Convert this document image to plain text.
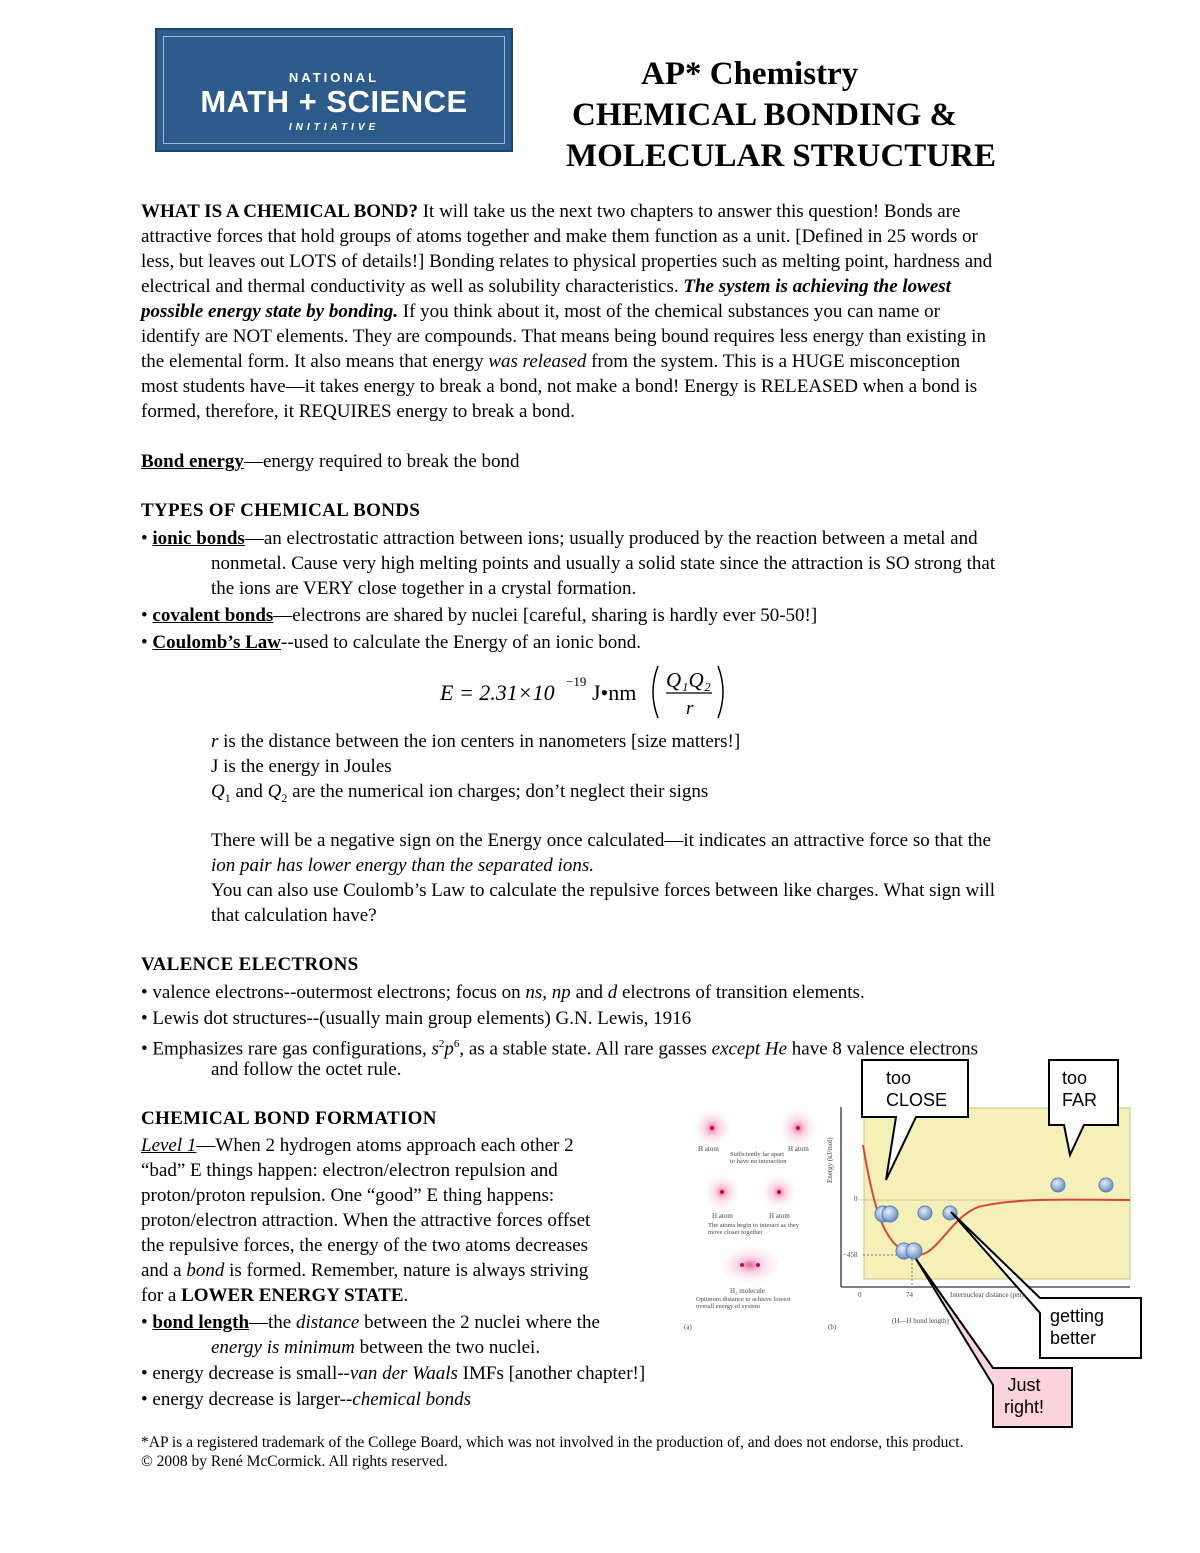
NATIONAL
MATH + SCIENCE
INITIATIVE
AP* Chemistry
CHEMICAL BONDING &
MOLECULAR STRUCTURE
WHAT IS A CHEMICAL BOND? It will take us the next two chapters to answer this question! Bonds are
attractive forces that hold groups of atoms together and make them function as a unit. [Defined in 25 words or
less, but leaves out LOTS of details!] Bonding relates to physical properties such as melting point, hardness and
electrical and thermal conductivity as well as solubility characteristics. The system is achieving the lowest
possible energy state by bonding. If you think about it, most of the chemical substances you can name or
identify are NOT elements. They are compounds. That means being bound requires less energy than existing in
the elemental form. It also means that energy was released from the system. This is a HUGE misconception
most students have—it takes energy to break a bond, not make a bond! Energy is RELEASED when a bond is
formed, therefore, it REQUIRES energy to break a bond.
Bond energy—energy required to break the bond
TYPES OF CHEMICAL BONDS
• ionic bonds—an electrostatic attraction between ions; usually produced by the reaction between a metal and
nonmetal. Cause very high melting points and usually a solid state since the attraction is SO strong that
the ions are VERY close together in a crystal formation.
• covalent bonds—electrons are shared by nuclei [careful, sharing is hardly ever 50-50!]
• Coulomb’s Law--used to calculate the Energy of an ionic bond.
E = 2.31×10 −19 J•nm Q₁Q₂
r
r is the distance between the ion centers in nanometers [size matters!]
J is the energy in Joules
$Q_1$ and $Q_2$ are the numerical ion charges; don’t neglect their signs
There will be a negative sign on the Energy once calculated—it indicates an attractive force so that the
ion pair has lower energy than the separated ions.
You can also use Coulomb’s Law to calculate the repulsive forces between like charges. What sign will
that calculation have?
VALENCE ELECTRONS
• valence electrons--outermost electrons; focus on ns, np and d electrons of transition elements.
• Lewis dot structures--(usually main group elements) G.N. Lewis, 1916
• Emphasizes rare gas configurations, $s^2p^6$, as a stable state. All rare gasses except He have 8 valence electrons
and follow the octet rule.
CHEMICAL BOND FORMATION
Level 1—When 2 hydrogen atoms approach each other 2
“bad” E things happen: electron/electron repulsion and
proton/proton repulsion. One “good” E thing happens:
proton/electron attraction. When the attractive forces offset
the repulsive forces, the energy of the two atoms decreases
and a bond is formed. Remember, nature is always striving
for a LOWER ENERGY STATE.
• bond length—the distance between the 2 nuclei where the
energy is minimum between the two nuclei.
• energy decrease is small--van der Waals IMFs [another chapter!]
• energy decrease is larger--chemical bonds
H atom	H atom
Sufficiently far apart to have no interaction
H atom	H atom
The atoms begin to interact as they move closer together
H₂ molecule
Optimum distance to achieve lowest overall energy of system
(a)	(b)
Energy (kJ/mol)
0
−458
0	74	Internuclear distance (pm)
(H—H bond length)
too
CLOSE
too
FAR
getting
better
Just
right!
*AP is a registered trademark of the College Board, which was not involved in the production of, and does not endorse, this product.
© 2008 by René McCormick. All rights reserved.
